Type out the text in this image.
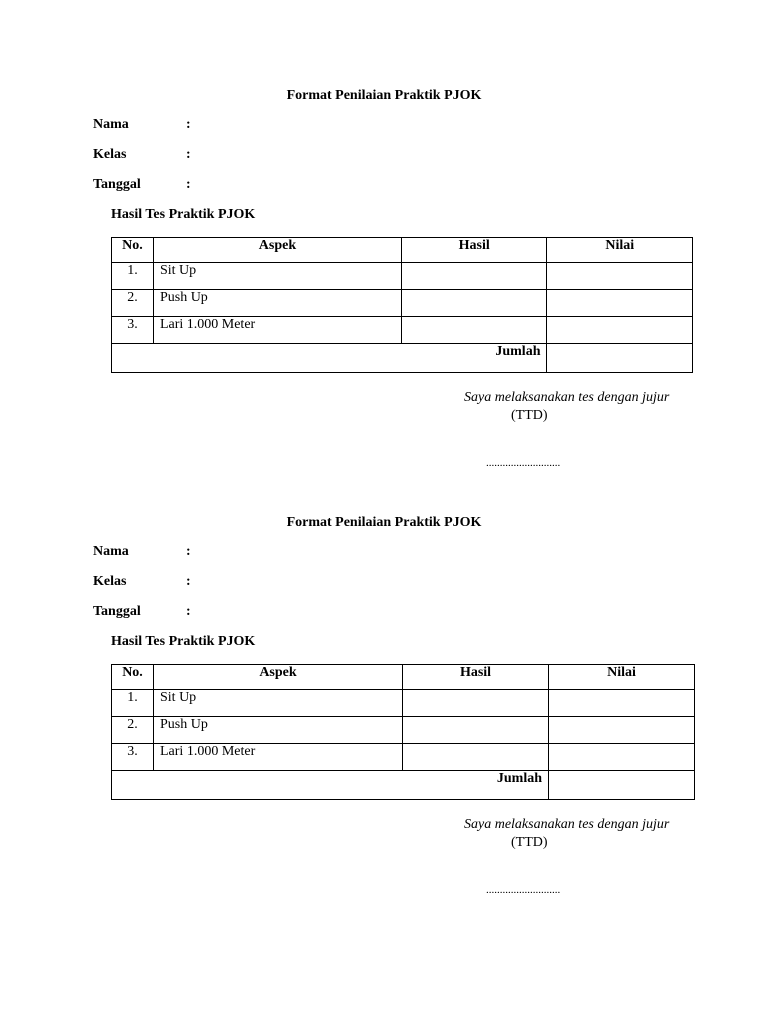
Format Penilaian Praktik PJOK
Nama	:
Kelas	:
Tanggal	:
Hasil Tes Praktik PJOK
No.	Aspek	Hasil	Nilai
1.	Sit Up		
2.	Push Up		
3.	Lari 1.000 Meter		
Jumlah			
Saya melaksanakan tes dengan jujur
(TTD)
...........................
Format Penilaian Praktik PJOK
Nama	:
Kelas	:
Tanggal	:
Hasil Tes Praktik PJOK
No.	Aspek	Hasil	Nilai
1.	Sit Up		
2.	Push Up		
3.	Lari 1.000 Meter		
Jumlah			
Saya melaksanakan tes dengan jujur
(TTD)
...........................
